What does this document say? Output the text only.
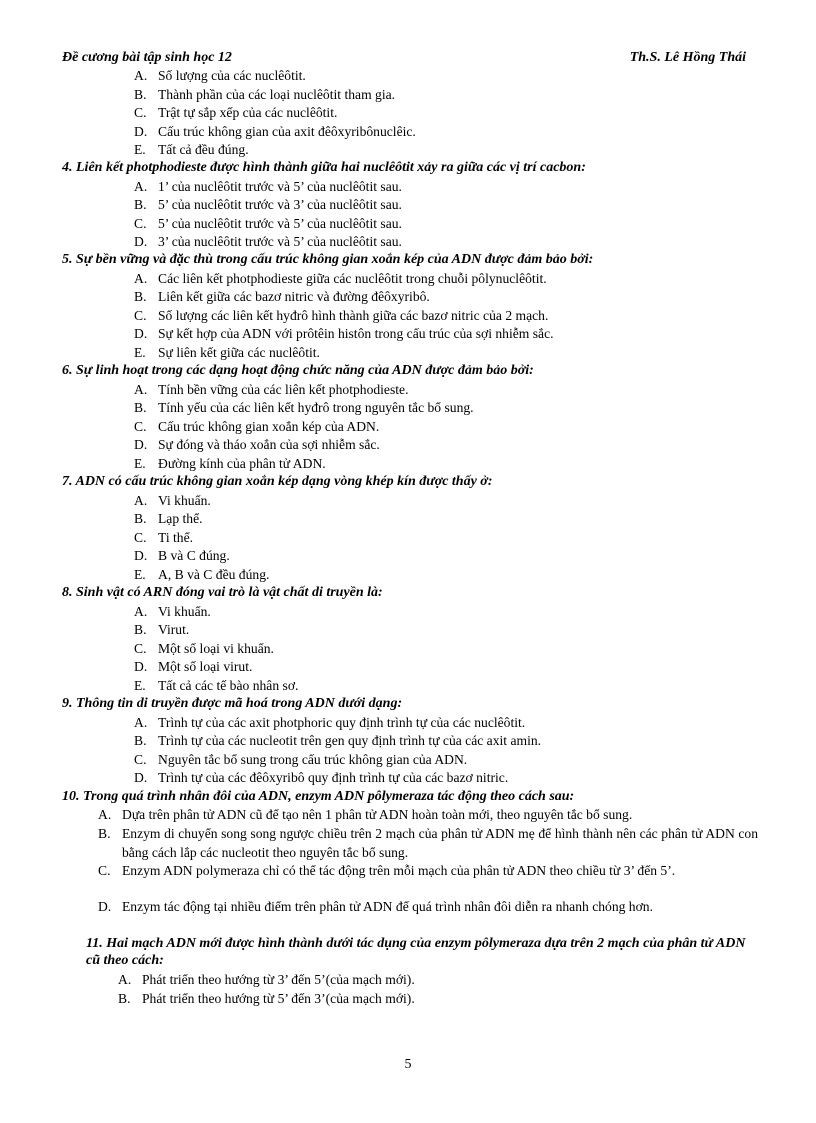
Đề cương bài tập sinh học 12	Th.S. Lê Hồng Thái
A. Số lượng của các nuclêôtit.
B. Thành phần của các loại nuclêôtit tham gia.
C. Trật tự sắp xếp của các nuclêôtit.
D. Cấu trúc không gian của axit đêôxyribônuclêic.
E. Tất cả đều đúng.
4. Liên kết photphodieste được hình thành giữa hai nuclêôtit xảy ra giữa các vị trí cacbon:
A. 1’ của nuclêôtit trước và 5’ của nuclêôtit sau.
B. 5’ của nuclêôtit trước và 3’ của nuclêôtit sau.
C. 5’ của nuclêôtit trước và 5’ của nuclêôtit sau.
D. 3’ của nuclêôtit trước và 5’ của nuclêôtit sau.
5. Sự bền vững và đặc thù trong cấu trúc không gian xoắn kép của ADN được đảm bảo bởi:
A. Các liên kết photphodieste giữa các nuclêôtit trong chuỗi pôlynuclêôtit.
B. Liên kết giữa các bazơ nitric và đường đêôxyribô.
C. Số lượng các liên kết hyđrô hình thành giữa các bazơ nitric của 2 mạch.
D. Sự kết hợp của ADN với prôtêin histôn trong cấu trúc của sợi nhiễm sắc.
E. Sự liên kết giữa các nuclêôtit.
6. Sự linh hoạt trong các dạng hoạt động chức năng của ADN được đảm bảo bởi:
A. Tính bền vững của các liên kết photphodieste.
B. Tính yếu của các liên kết hyđrô trong nguyên tắc bổ sung.
C. Cấu trúc không gian xoắn kép của ADN.
D. Sự đóng và tháo xoắn của sợi nhiễm sắc.
E. Đường kính của phân tử ADN.
7. ADN có cấu trúc không gian xoắn kép dạng vòng khép kín được thấy ở:
A. Vi khuẩn.
B. Lạp thể.
C. Ti thể.
D. B và C đúng.
E. A, B và C đều đúng.
8. Sinh vật có ARN đóng vai trò là vật chất di truyền là:
A. Vi khuẩn.
B. Virut.
C. Một số loại vi khuẩn.
D. Một số loại virut.
E. Tất cả các tế bào nhân sơ.
9. Thông tin di truyền được mã hoá trong ADN dưới dạng:
A. Trình tự của các axit photphoric quy định trình tự của các nuclêôtit.
B. Trình tự của các nucleotit trên gen quy định trình tự của các axit amin.
C. Nguyên tắc bổ sung trong cấu trúc không gian của ADN.
D. Trình tự của các đêôxyribô quy định trình tự của các bazơ nitric.
10. Trong quá trình nhân đôi của ADN, enzym ADN pôlymeraza tác động theo cách sau:
A. Dựa trên phân tử ADN cũ để tạo nên 1 phân tử ADN hoàn toàn mới, theo nguyên tắc bổ sung.
B. Enzym di chuyển song song ngược chiều trên 2 mạch của phân tử ADN mẹ để hình thành nên các phân tử ADN con bằng cách lắp các nucleotit theo nguyên tắc bổ sung.
C. Enzym ADN polymeraza chỉ có thể tác động trên mỗi mạch của phân tử ADN theo chiều từ 3’ đến 5’.
D. Enzym tác động tại nhiều điểm trên phân tử ADN để quá trình nhân đôi diễn ra nhanh chóng hơn.
11. Hai mạch ADN mới được hình thành dưới tác dụng của enzym pôlymeraza dựa trên 2 mạch của phân tử ADN cũ theo cách:
A. Phát triển theo hướng từ 3’ đến 5’(của mạch mới).
B. Phát triển theo hướng từ 5’ đến 3’(của mạch mới).
5
